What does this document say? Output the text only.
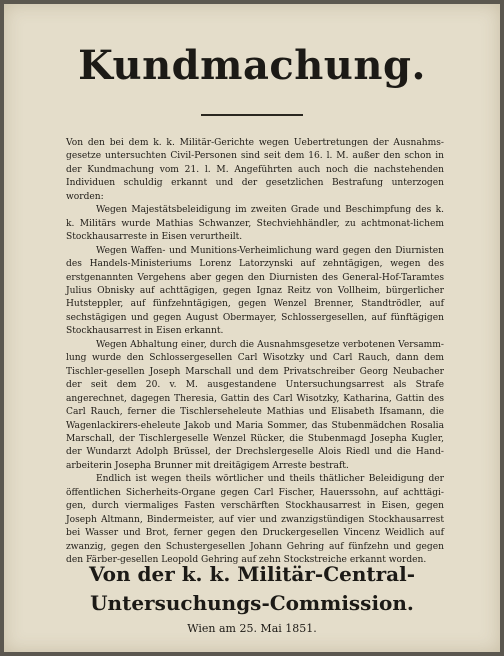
Kundmachung.

Von den bei dem k. k. Militär-Gerichte wegen Uebertretungen der Ausnahms-gesetze untersuchten Civil-Personen sind seit dem 16. l. M. außer den schon in der Kundmachung vom 21. l. M. Angeführten auch noch die nachstehenden Individuen schuldig erkannt und der gesetzlichen Bestrafung unterzogen worden:

Wegen Majestätsbeleidigung im zweiten Grade und Beschimpfung des k. k. Militärs wurde Mathias Schwanzer, Stechviehhändler, zu achtmonat-lichem Stockhausarreste in Eisen verurtheilt.

Wegen Waffen- und Munitions-Verheimlichung ward gegen den Diurnisten des Handels-Ministeriums Lorenz Latorzynski auf zehntägigen, wegen des erstgenannten Vergehens aber gegen den Diurnisten des General-Hof-Taramtes Julius Obnisky auf achttägigen, gegen Ignaz Reitz von Vollheim, bürgerlicher Hutsteppler, auf fünfzehntägigen, gegen Wenzel Brenner, Standtrödler, auf sechstägigen und gegen August Obermayer, Schlossergesellen, auf fünftägigen Stockhausarrest in Eisen erkannt.

Wegen Abhaltung einer, durch die Ausnahmsgesetze verbotenen Versamm-lung wurde den Schlossergesellen Carl Wisotzky und Carl Rauch, dann dem Tischler-gesellen Joseph Marschall und dem Privatschreiber Georg Neubacher der seit dem 20. v. M. ausgestandene Untersuchungsarrest als Strafe angerechnet, dagegen Theresia, Gattin des Carl Wisotzky, Katharina, Gattin des Carl Rauch, ferner die Tischlerseheleute Mathias und Elisabeth Ifsamann, die Wagenlackirers-eheleute Jakob und Maria Sommer, das Stubenmädchen Rosalia Marschall, der Tischlergeselle Wenzel Rücker, die Stubenmagd Josepha Kugler, der Wundarzt Adolph Brüssel, der Drechslergeselle Alois Riedl und die Hand-arbeiterin Josepha Brunner mit dreitägigem Arreste bestraft.

Endlich ist wegen theils wörtlicher und theils thätlicher Beleidigung der öffentlichen Sicherheits-Organe gegen Carl Fischer, Hauerssohn, auf achttägi-gen, durch viermaliges Fasten verschärften Stockhausarrest in Eisen, gegen Joseph Altmann, Bindermeister, auf vier und zwanzigstündigen Stockhausarrest bei Wasser und Brot, ferner gegen den Druckergesellen Vincenz Weidlich auf zwanzig, gegen den Schustergesellen Johann Gehring auf fünfzehn und gegen den Färber-gesellen Leopold Gehring auf zehn Stockstreiche erkannt worden.

Von der k. k. Militär-Central-
Untersuchungs-Commission.
Wien am 25. Mai 1851.
